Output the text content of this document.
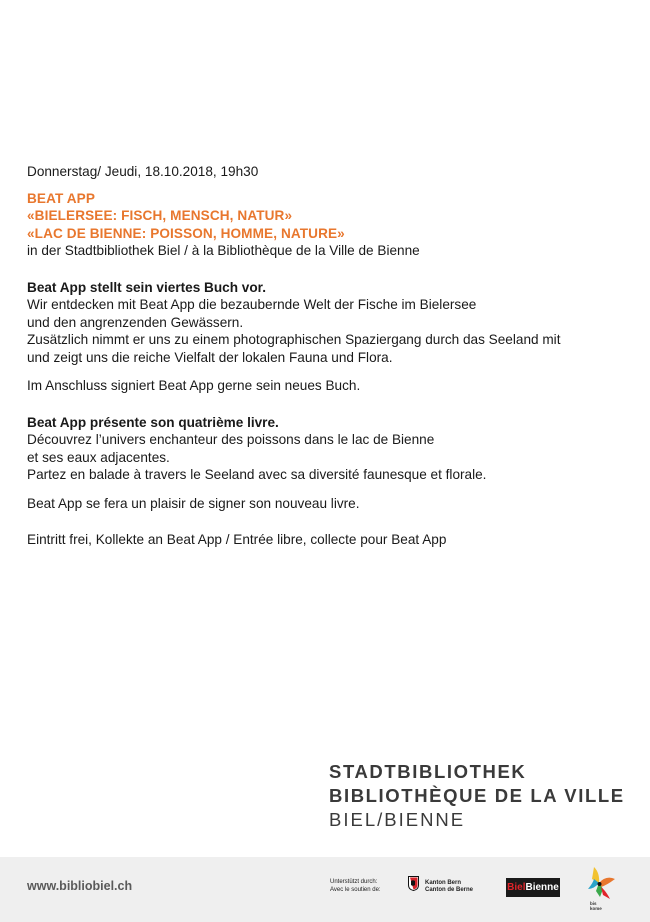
Donnerstag/ Jeudi, 18.10.2018, 19h30

BEAT APP

«BIELERSEE: FISCH, MENSCH, NATUR»

«LAC DE BIENNE: POISSON, HOMME, NATURE»

in der Stadtbibliothek Biel / à la Bibliothèque de la Ville de Bienne

Beat App stellt sein viertes Buch vor.

Wir entdecken mit Beat App die bezaubernde Welt der Fische im Bielersee

und den angrenzenden Gewässern.

Zusätzlich nimmt er uns zu einem photographischen Spaziergang durch das Seeland mit

und zeigt uns die reiche Vielfalt der lokalen Fauna und Flora.

Im Anschluss signiert Beat App gerne sein neues Buch.

Beat App présente son quatrième livre.

Découvrez l’univers enchanteur des poissons dans le lac de Bienne

et ses eaux adjacentes.

Partez en balade à travers le Seeland avec sa diversité faunesque et florale.

Beat App se fera un plaisir de signer son nouveau livre.

Eintritt frei, Kollekte an Beat App / Entrée libre, collecte pour Beat App

STADTBIBLIOTHEK
BIBLIOTHÈQUE DE LA VILLE
BIEL/BIENNE
www.bibliobiel.ch	Unterstützt durch:
Avec le soutien de:
Kanton Bern
Canton de Berne	BielBienne
bis
kome
